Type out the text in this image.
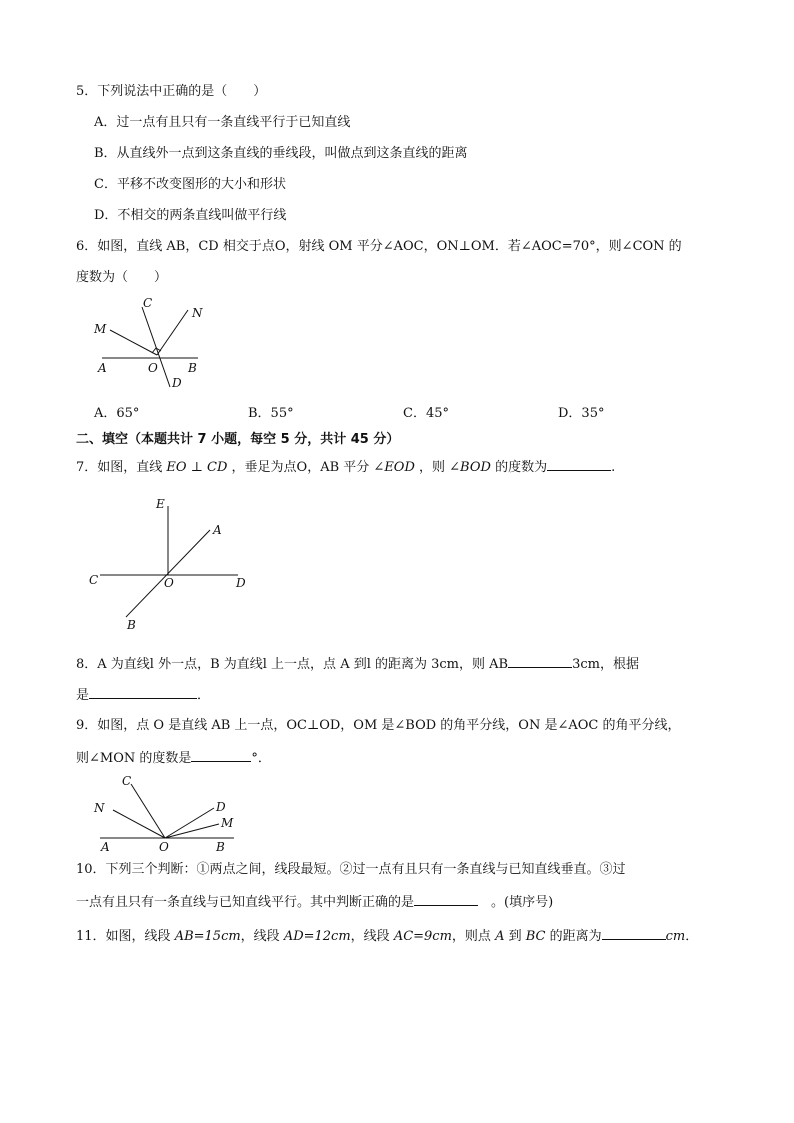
5．下列说法中正确的是（　　）
A．过一点有且只有一条直线平行于已知直线
B．从直线外一点到这条直线的垂线段，叫做点到这条直线的距离
C．平移不改变图形的大小和形状
D．不相交的两条直线叫做平行线
6．如图，直线 AB，CD 相交于点O，射线 OM 平分∠AOC，ON⊥OM．若∠AOC=70°，则∠CON 的
度数为（　　）
C
N
M
A	O	B
D
A．65°	B．55°	C．45°	D．35°
二、填空（本题共计 7 小题，每空 5 分，共计 45 分）
7．如图，直线 EO ⊥ CD ，垂足为点O，AB 平分 ∠EOD ，则 ∠BOD 的度数为	.
E
A
C	O	D
B
8．A 为直线l 外一点，B 为直线l 上一点，点 A 到l 的距离为 3cm，则 AB	3cm，根据
是	．
9．如图，点 O 是直线 AB 上一点，OC⊥OD，OM 是∠BOD 的角平分线，ON 是∠AOC 的角平分线，
则∠MON 的度数是	°．
C
N	D
M
A	O	B
10．下列三个判断：①两点之间，线段最短。②过一点有且只有一条直线与已知直线垂直。③过
一点有且只有一条直线与已知直线平行。其中判断正确的是	　。(填序号)
11．如图，线段 AB=15cm，线段 AD=12cm，线段 AC=9cm，则点 A 到 BC 的距离为	cm．
